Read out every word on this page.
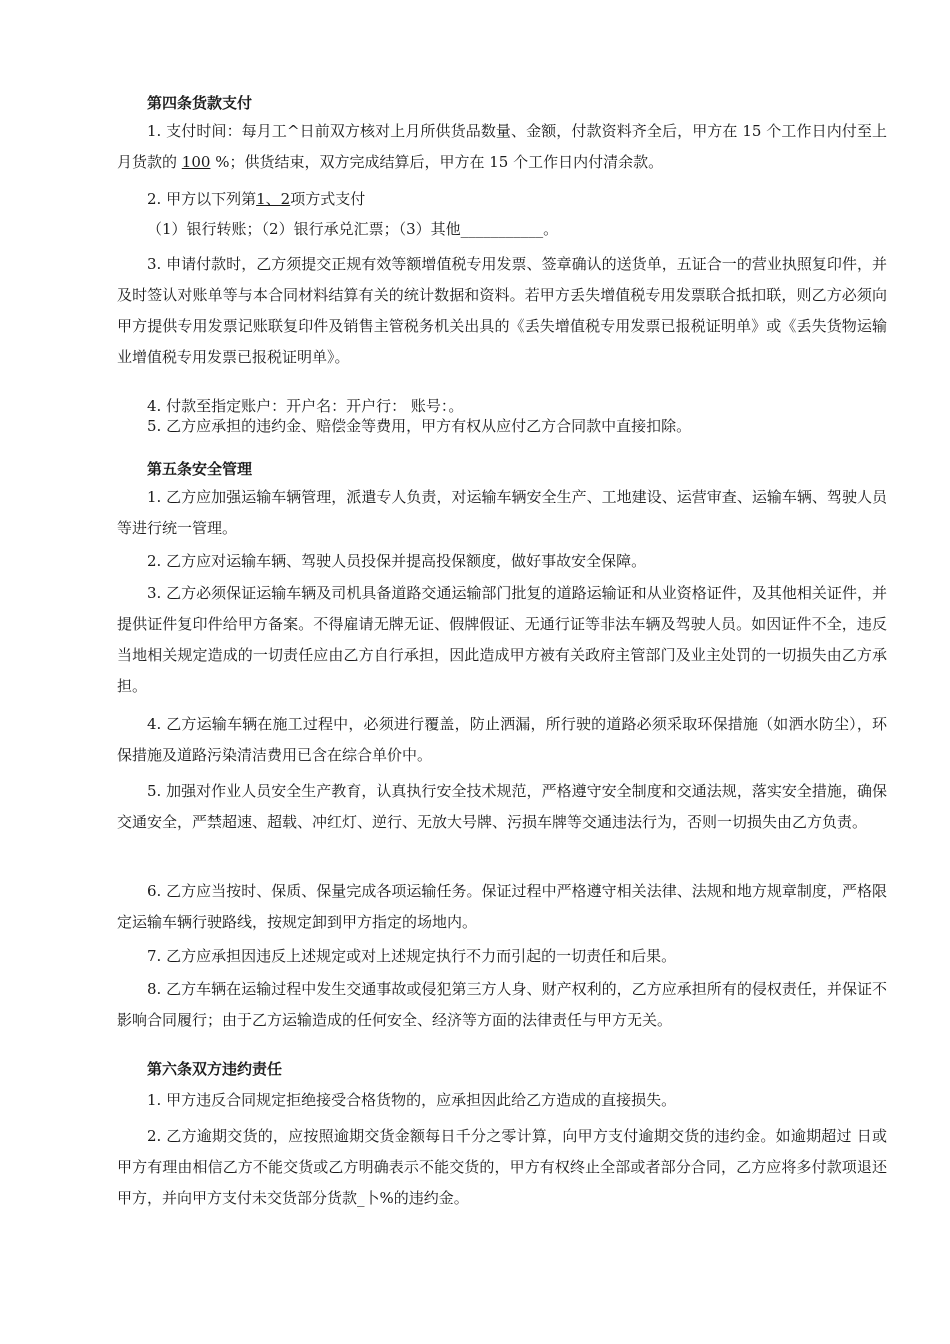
第四条货款支付

1. 支付时间：每月工^日前双方核对上月所供货品数量、金额，付款资料齐全后，甲方在 15 个工作日内付至上月货款的 100 %；供货结束，双方完成结算后，甲方在 15 个工作日内付清余款。

2. 甲方以下列第1、2项方式支付
（1）银行转账；（2）银行承兑汇票；（3）其他___________。

3. 申请付款时，乙方须提交正规有效等额增值税专用发票、签章确认的送货单，五证合一的营业执照复印件，并及时签认对账单等与本合同材料结算有关的统计数据和资料。若甲方丢失增值税专用发票联合抵扣联，则乙方必须向甲方提供专用发票记账联复印件及销售主管税务机关出具的《丢失增值税专用发票已报税证明单》或《丢失货物运输业增值税专用发票已报税证明单》。

4. 付款至指定账户：开户名：开户行： 账号：。
5. 乙方应承担的违约金、赔偿金等费用，甲方有权从应付乙方合同款中直接扣除。
第五条安全管理

1. 乙方应加强运输车辆管理，派遣专人负责，对运输车辆安全生产、工地建设、运营审查、运输车辆、驾驶人员等进行统一管理。

2. 乙方应对运输车辆、驾驶人员投保并提高投保额度，做好事故安全保障。

3. 乙方必须保证运输车辆及司机具备道路交通运输部门批复的道路运输证和从业资格证件，及其他相关证件，并提供证件复印件给甲方备案。不得雇请无牌无证、假牌假证、无通行证等非法车辆及驾驶人员。如因证件不全，违反当地相关规定造成的一切责任应由乙方自行承担，因此造成甲方被有关政府主管部门及业主处罚的一切损失由乙方承担。

4. 乙方运输车辆在施工过程中，必须进行覆盖，防止洒漏，所行驶的道路必须采取环保措施（如洒水防尘），环保措施及道路污染清洁费用已含在综合单价中。

5. 加强对作业人员安全生产教育，认真执行安全技术规范，严格遵守安全制度和交通法规，落实安全措施，确保交通安全，严禁超速、超载、冲红灯、逆行、无放大号牌、污损车牌等交通违法行为，否则一切损失由乙方负责。

6. 乙方应当按时、保质、保量完成各项运输任务。保证过程中严格遵守相关法律、法规和地方规章制度，严格限定运输车辆行驶路线，按规定卸到甲方指定的场地内。

7. 乙方应承担因违反上述规定或对上述规定执行不力而引起的一切责任和后果。

8. 乙方车辆在运输过程中发生交通事故或侵犯第三方人身、财产权利的，乙方应承担所有的侵权责任，并保证不影响合同履行；由于乙方运输造成的任何安全、经济等方面的法律责任与甲方无关。

第六条双方违约责任

1. 甲方违反合同规定拒绝接受合格货物的，应承担因此给乙方造成的直接损失。

2. 乙方逾期交货的，应按照逾期交货金额每日千分之零计算，向甲方支付逾期交货的违约金。如逾期超过 日或甲方有理由相信乙方不能交货或乙方明确表示不能交货的，甲方有权终止全部或者部分合同，乙方应将多付款项退还甲方，并向甲方支付未交货部分货款_卜%的违约金。
